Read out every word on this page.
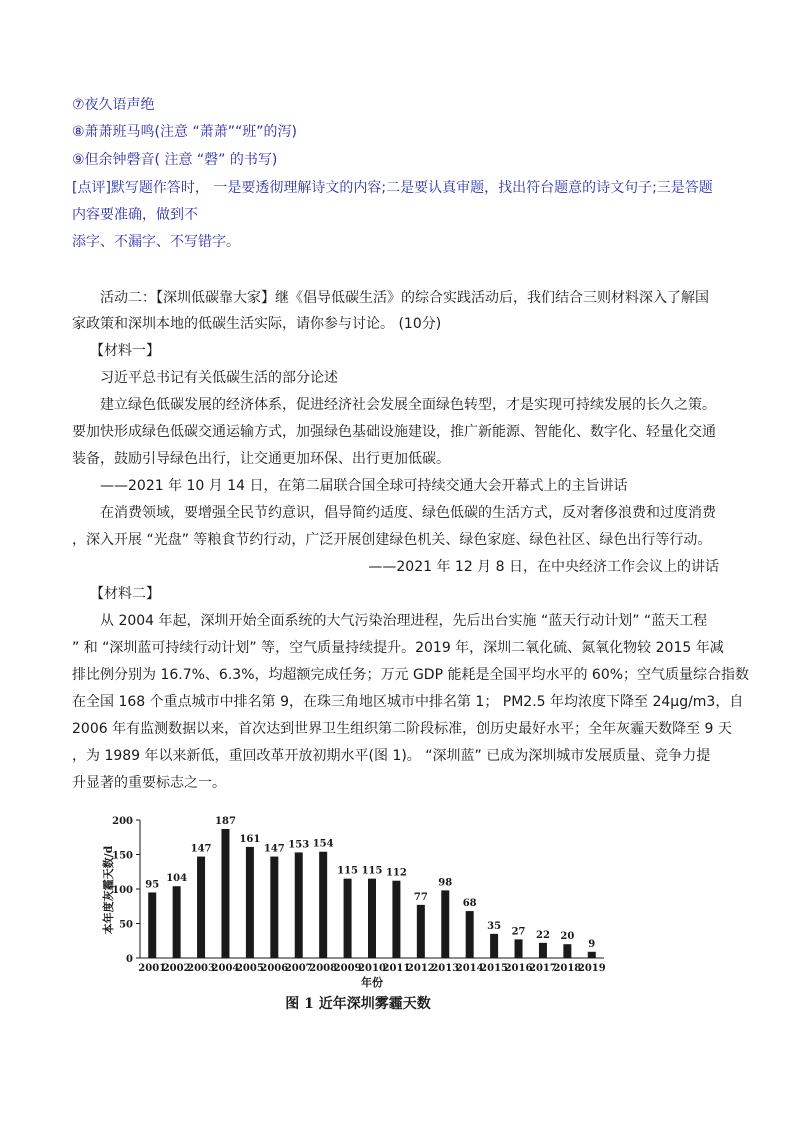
⑦夜久语声绝
⑧萧萧班马鸣(注意 “萧萧”“班”的泻)
⑨但余钟磬音( 注意 “磬” 的书写)
[点评]默写题作答时， 一是要透彻理解诗文的内容;二是要认真审题，找出符台题意的诗文句子;三是答题
内容要准确，做到不
添字、不漏字、不写错字。
活动二：【深圳低碳靠大家】继《倡导低碳生活》的综合实践活动后，我们结合三则材料深入了解国
家政策和深圳本地的低碳生活实际，请你参与讨论。 (10分)
【材料一】
习近平总书记有关低碳生活的部分论述
建立绿色低碳发展的经济体系，促进经济社会发展全面绿色转型，才是实现可持续发展的长久之策。
要加快形成绿色低碳交通运输方式，加强绿色基础设施建设，推广新能源、智能化、数字化、轻量化交通
装备，鼓励引导绿色出行，让交通更加环保、出行更加低碳。
——2021 年 10 月 14 日，在第二届联合国全球可持续交通大会开幕式上的主旨讲话
在消费领域，要增强全民节约意识，倡导简约适度、绿色低碳的生活方式，反对奢侈浪费和过度消费
，深入开展 “光盘” 等粮食节约行动，广泛开展创建绿色机关、绿色家庭、绿色社区、绿色出行等行动。
——2021 年 12 月 8 日，在中央经济工作会议上的讲话
【材料二】
从 2004 年起，深圳开始全面系统的大气污染治理进程，先后出台实施 “蓝天行动计划” “蓝天工程
” 和 “深圳蓝可持续行动计划” 等，空气质量持续提升。2019 年，深圳二氧化硫、氮氧化物较 2015 年减
排比例分别为 16.7%、6.3%，均超额完成任务；万元 GDP 能耗是全国平均水平的 60%；空气质量综合指数
在全国 168 个重点城市中排名第 9，在珠三角地区城市中排名第 1； PM2.5 年均浓度下降至 24μg/m3，自
2006 年有监测数据以来，首次达到世界卫生组织第二阶段标准，创历史最好水平；全年灰霾天数降至 9 天
，为 1989 年以来新低，重回改革开放初期水平(图 1)。 “深圳蓝” 已成为深圳城市发展质量、竞争力提
升显著的重要标志之一。
本年度灰霾天数/d
0
50
100
150
200
95
104
147
187
161
147 153 154
115 115 112
77
98
68
35
27 22 20
9
2001
2002
2003
2004
2005
2006
2007
2008
2009
2010
2011
2012
2013
2014
2015
2016
2017
2018
2019
年份
图 1 近年深圳雾霾天数
